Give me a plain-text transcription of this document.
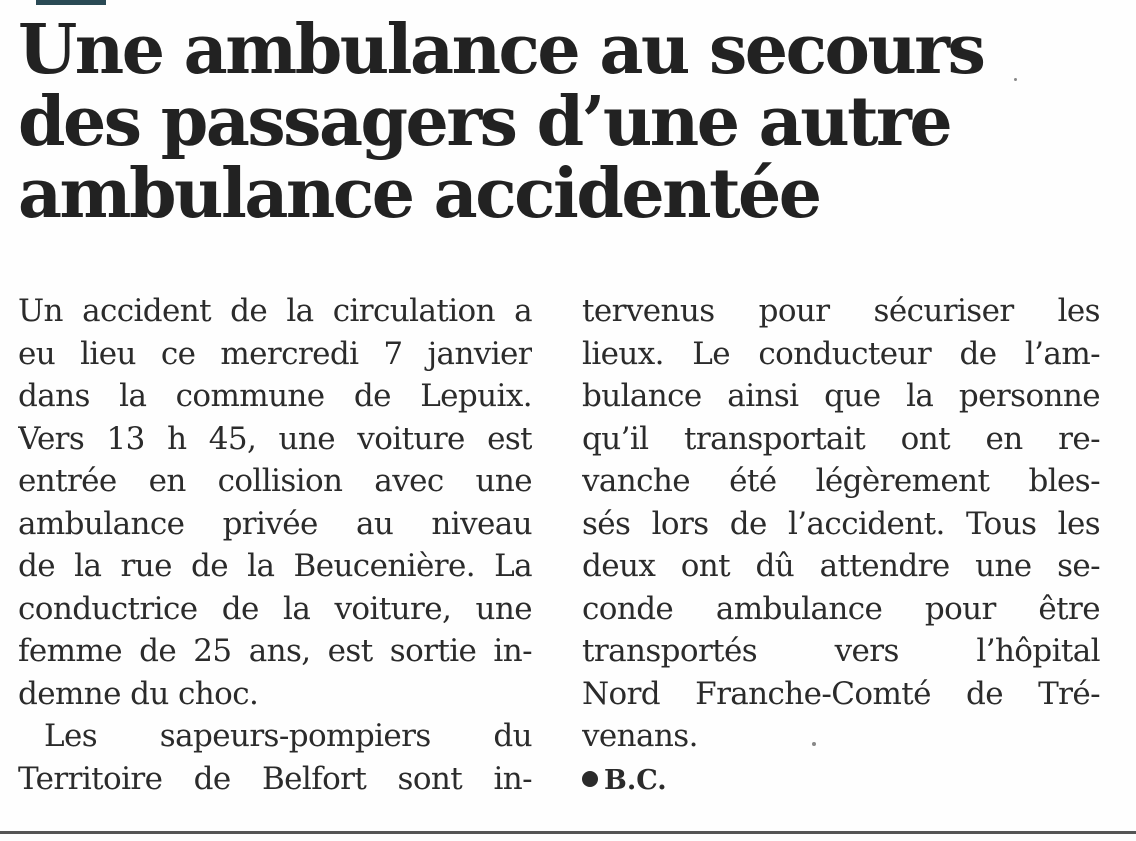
Une ambulance au secours
des passagers d’une autre
ambulance accidentée
Un accident de la circulation a
eu lieu ce mercredi 7 janvier
dans la commune de Lepuix.
Vers 13 h 45, une voiture est
entrée en collision avec une
ambulance privée au niveau
de la rue de la Beucenière. La
conductrice de la voiture, une
femme de 25 ans, est sortie in-
demne du choc.
Les sapeurs-pompiers du
Territoire de Belfort sont in-
tervenus pour sécuriser les
lieux. Le conducteur de l’am-
bulance ainsi que la personne
qu’il transportait ont en re-
vanche été légèrement bles-
sés lors de l’accident. Tous les
deux ont dû attendre une se-
conde ambulance pour être
transportés vers l’hôpital
Nord Franche-Comté de Tré-
venans.
B.C.
